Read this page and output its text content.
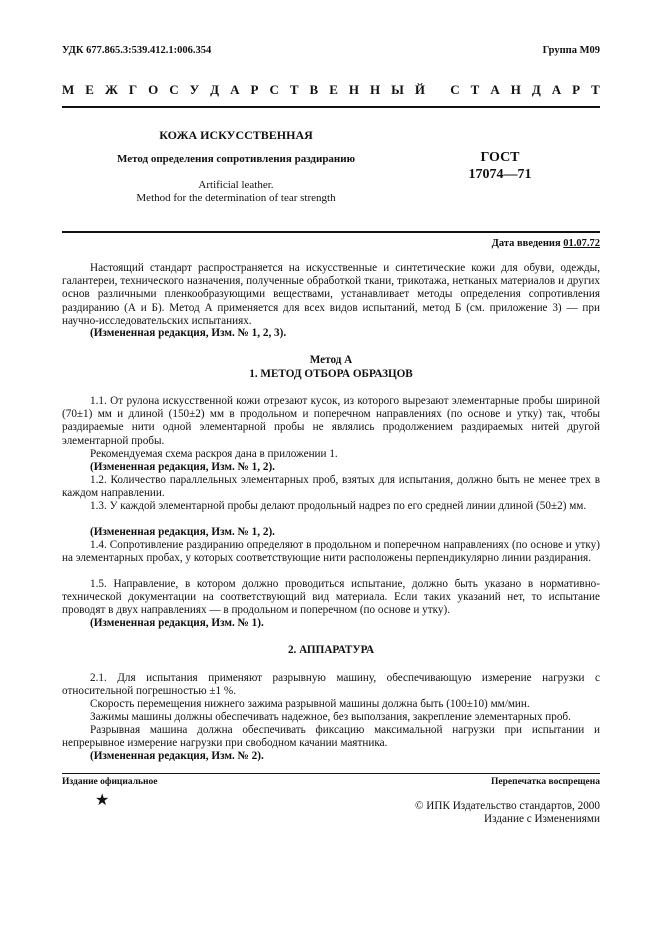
УДК 677.865.3:539.412.1:006.354	Группа М09
М Е Ж Г О С У Д А Р С Т В Е Н Н Ы Й
С Т А Н Д А Р Т
КОЖА ИСКУССТВЕННАЯ
Метод определения сопротивления раздиранию
Artificial leather.
Method for the determination of tear strength
ГОСТ
17074—71
Дата введения 01.07.72
Настоящий стандарт распространяется на искусственные и синтетические кожи для обуви, одежды, галантереи, технического назначения, полученные обработкой ткани, трикотажа, нетканых материалов и других основ различными пленкообразующими веществами, устанавливает методы определения сопротивления раздиранию (А и Б). Метод А применяется для всех видов испытаний, метод Б (см. приложение 3) — при научно-исследовательских испытаниях.
(Измененная редакция, Изм. № 1, 2, 3).
Метод А
1. МЕТОД ОТБОРА ОБРАЗЦОВ
1.1. От рулона искусственной кожи отрезают кусок, из которого вырезают элементарные пробы шириной (70±1) мм и длиной (150±2) мм в продольном и поперечном направлениях (по основе и утку) так, чтобы раздираемые нити одной элементарной пробы не являлись продолжением раздираемых нитей другой элементарной пробы.
Рекомендуемая схема раскроя дана в приложении 1.
(Измененная редакция, Изм. № 1, 2).
1.2. Количество параллельных элементарных проб, взятых для испытания, должно быть не менее трех в каждом направлении.
1.3. У каждой элементарной пробы делают продольный надрез по его средней линии длиной (50±2) мм.
(Измененная редакция, Изм. № 1, 2).
1.4. Сопротивление раздиранию определяют в продольном и поперечном направлениях (по основе и утку) на элементарных пробах, у которых соответствующие нити расположены перпендикулярно линии раздирания.
1.5. Направление, в котором должно проводиться испытание, должно быть указано в нормативно-технической документации на соответствующий вид материала. Если таких указаний нет, то испытание проводят в двух направлениях — в продольном и поперечном (по основе и утку).
(Измененная редакция, Изм. № 1).
2. АППАРАТУРА
2.1. Для испытания применяют разрывную машину, обеспечивающую измерение нагрузки с относительной погрешностью ±1 %.
Скорость перемещения нижнего зажима разрывной машины должна быть (100±10) мм/мин.
Зажимы машины должны обеспечивать надежное, без выползания, закрепление элементарных проб.
Разрывная машина должна обеспечивать фиксацию максимальной нагрузки при испытании и непрерывное измерение нагрузки при свободном качании маятника.
(Измененная редакция, Изм. № 2).
Издание официальное	Перепечатка воспрещена
★	© ИПК Издательство стандартов, 2000
Издание с Изменениями
